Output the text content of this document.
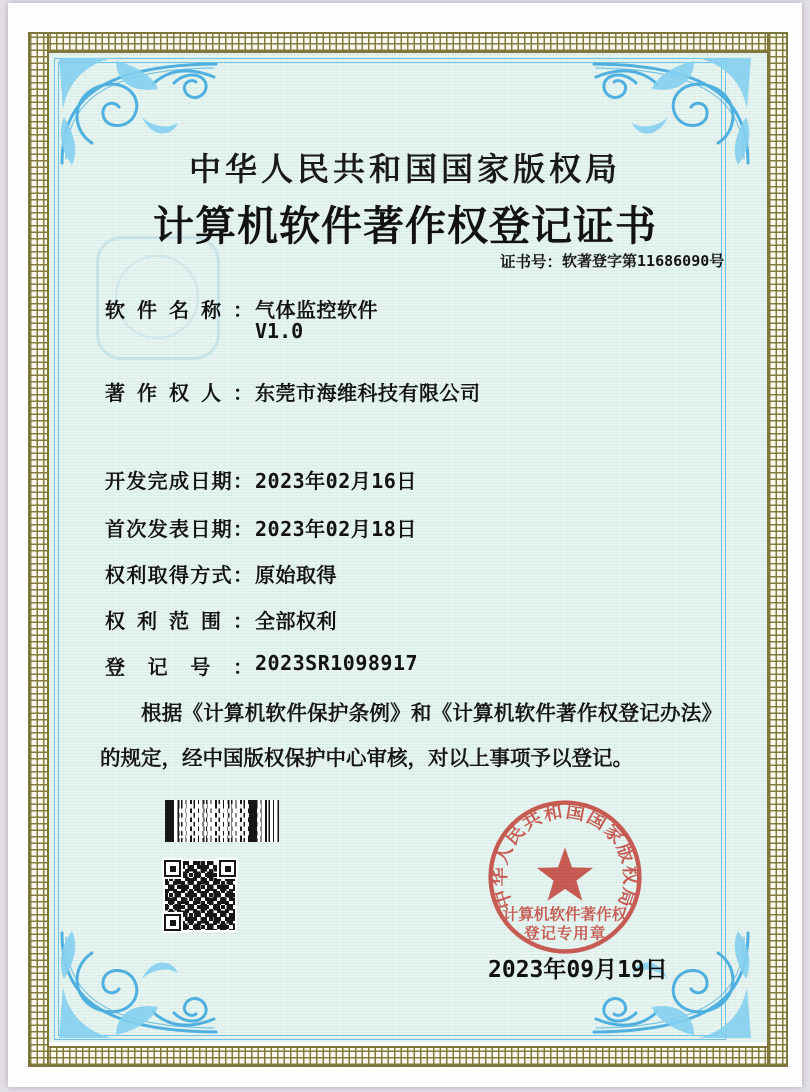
中华人民共和国国家版权局
计算机软件著作权登记证书
证书号： 软著登字第11686090号
软件名称： 气体监控软件
V1.0
著作权人： 东莞市海维科技有限公司
开发完成日期： 2023年02月16日
首次发表日期： 2023年02月18日
权利取得方式： 原始取得
权利范围： 全部权利
登记号： 2023SR1098917

根据《计算机软件保护条例》和《计算机软件著作权登记办法》的规定，经中国版权保护中心审核，对以上事项予以登记。

2023年09月19日
中华人民共和国国家版权局
计算机软件著作权
登记专用章
